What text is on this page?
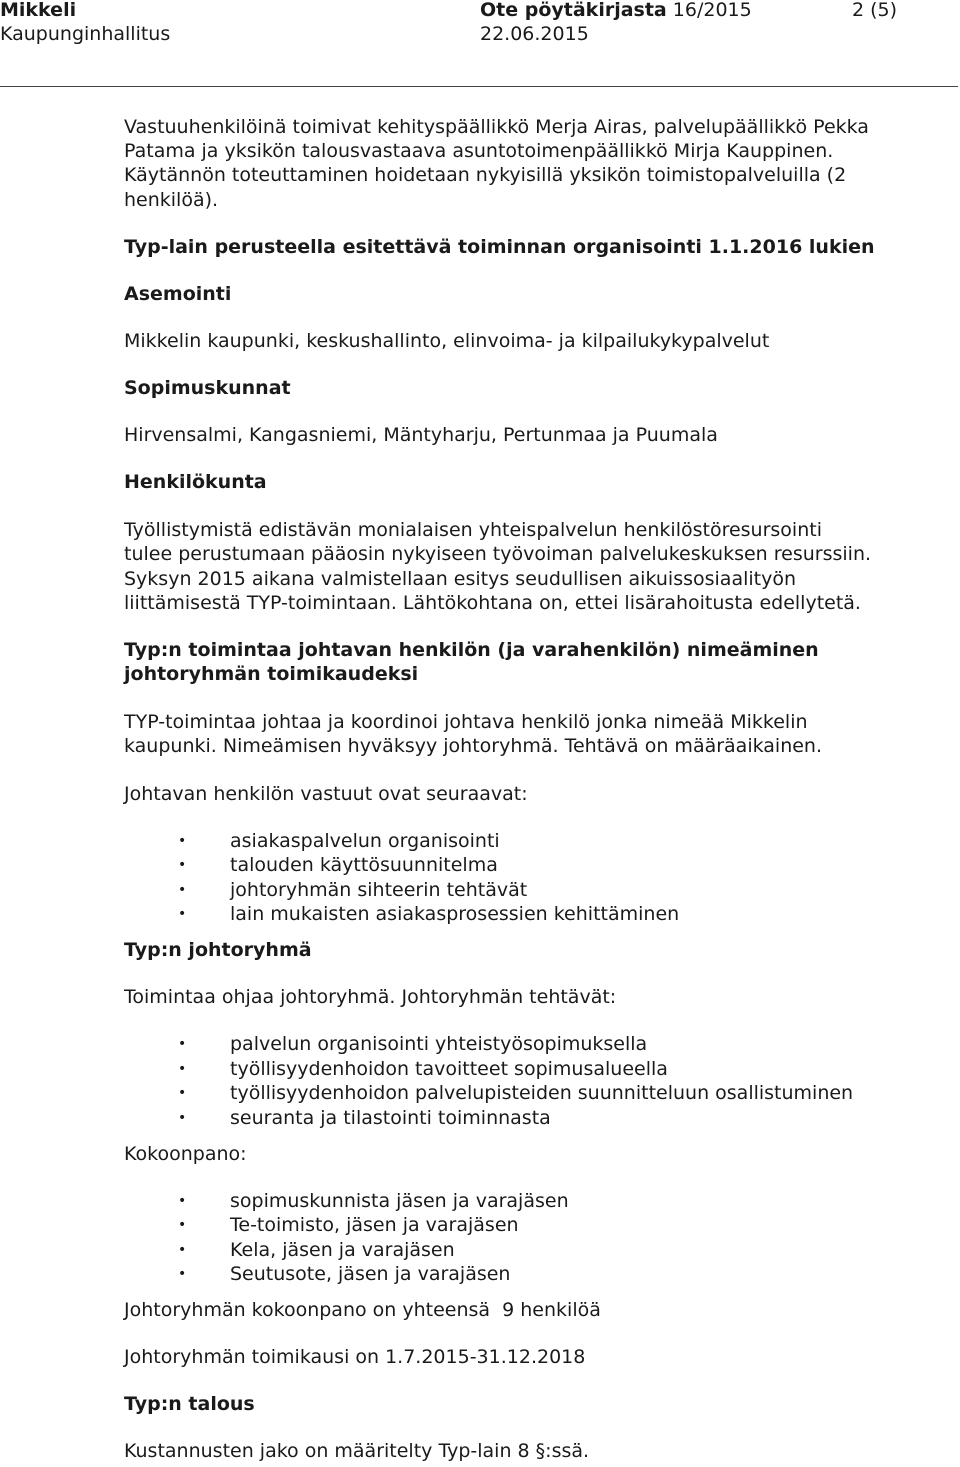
Mikkeli
Kaupunginhallitus
Ote pöytäkirjasta 16/2015
22.06.2015
2 (5)
Vastuuhenkilöinä toimivat kehityspäällikkö Merja Airas, palvelupäällikkö Pekka
Patama ja yksikön talousvastaava asuntotoimenpäällikkö Mirja Kauppinen.
Käytännön toteuttaminen hoidetaan nykyisillä yksikön toimistopalveluilla (2
henkilöä).
Typ-lain perusteella esitettävä toiminnan organisointi 1.1.2016 lukien
Asemointi
Mikkelin kaupunki, keskushallinto, elinvoima- ja kilpailukykypalvelut
Sopimuskunnat
Hirvensalmi, Kangasniemi, Mäntyharju, Pertunmaa ja Puumala
Henkilökunta
Työllistymistä edistävän monialaisen yhteispalvelun henkilöstöresursointi
tulee perustumaan pääosin nykyiseen työvoiman palvelukeskuksen resurssiin.
Syksyn 2015 aikana valmistellaan esitys seudullisen aikuissosiaalityön
liittämisestä TYP-toimintaan. Lähtökohtana on, ettei lisärahoitusta edellytetä.
Typ:n toimintaa johtavan henkilön (ja varahenkilön) nimeäminen
johtoryhmän toimikaudeksi
TYP-toimintaa johtaa ja koordinoi johtava henkilö jonka nimeää Mikkelin
kaupunki. Nimeämisen hyväksyy johtoryhmä. Tehtävä on määräaikainen.
Johtavan henkilön vastuut ovat seuraavat:
• asiakaspalvelun organisointi
• talouden käyttösuunnitelma
• johtoryhmän sihteerin tehtävät
• lain mukaisten asiakasprosessien kehittäminen
Typ:n johtoryhmä
Toimintaa ohjaa johtoryhmä. Johtoryhmän tehtävät:
• palvelun organisointi yhteistyösopimuksella
• työllisyydenhoidon tavoitteet sopimusalueella
• työllisyydenhoidon palvelupisteiden suunnitteluun osallistuminen
• seuranta ja tilastointi toiminnasta
Kokoonpano:
• sopimuskunnista jäsen ja varajäsen
• Te-toimisto, jäsen ja varajäsen
• Kela, jäsen ja varajäsen
• Seutusote, jäsen ja varajäsen
Johtoryhmän kokoonpano on yhteensä  9 henkilöä
Johtoryhmän toimikausi on 1.7.2015-31.12.2018
Typ:n talous
Kustannusten jako on määritelty Typ-lain 8 §:ssä.
